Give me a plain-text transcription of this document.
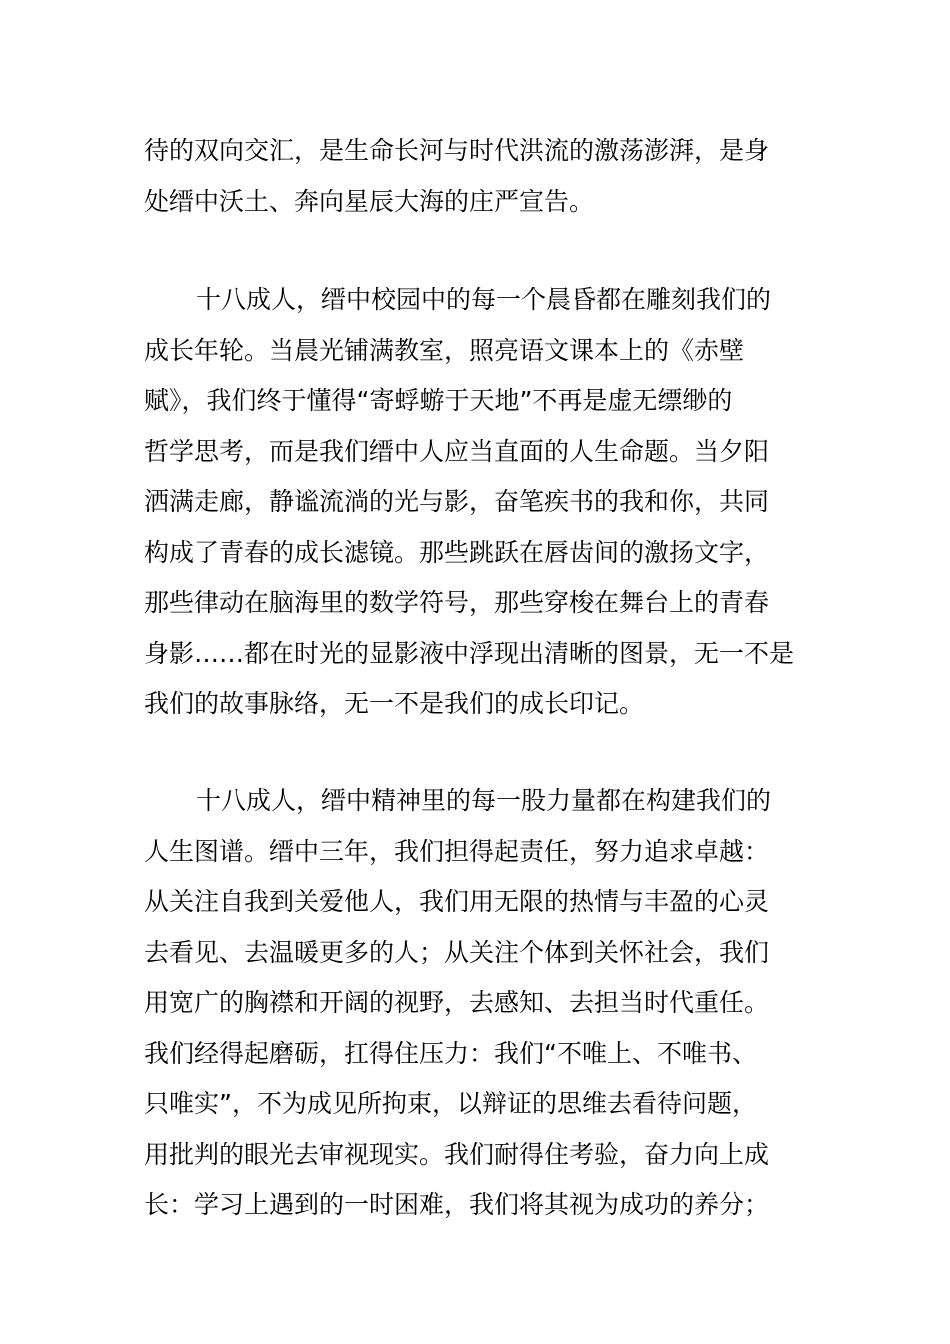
待的双向交汇，是生命长河与时代洪流的激荡澎湃，是身
处缙中沃土、奔向星辰大海的庄严宣告。
十八成人，缙中校园中的每一个晨昏都在雕刻我们的
成长年轮。当晨光铺满教室，照亮语文课本上的《赤壁
赋》，我们终于懂得“寄蜉蝣于天地”不再是虚无缥缈的
哲学思考，而是我们缙中人应当直面的人生命题。当夕阳
洒满走廊，静谧流淌的光与影，奋笔疾书的我和你，共同
构成了青春的成长滤镜。那些跳跃在唇齿间的激扬文字，
那些律动在脑海里的数学符号，那些穿梭在舞台上的青春
身影……都在时光的显影液中浮现出清晰的图景，无一不是
我们的故事脉络，无一不是我们的成长印记。
十八成人，缙中精神里的每一股力量都在构建我们的
人生图谱。缙中三年，我们担得起责任，努力追求卓越：
从关注自我到关爱他人，我们用无限的热情与丰盈的心灵
去看见、去温暖更多的人；从关注个体到关怀社会，我们
用宽广的胸襟和开阔的视野，去感知、去担当时代重任。
我们经得起磨砺，扛得住压力：我们“不唯上、不唯书、
只唯实”，不为成见所拘束，以辩证的思维去看待问题，
用批判的眼光去审视现实。我们耐得住考验，奋力向上成
长：学习上遇到的一时困难，我们将其视为成功的养分；
